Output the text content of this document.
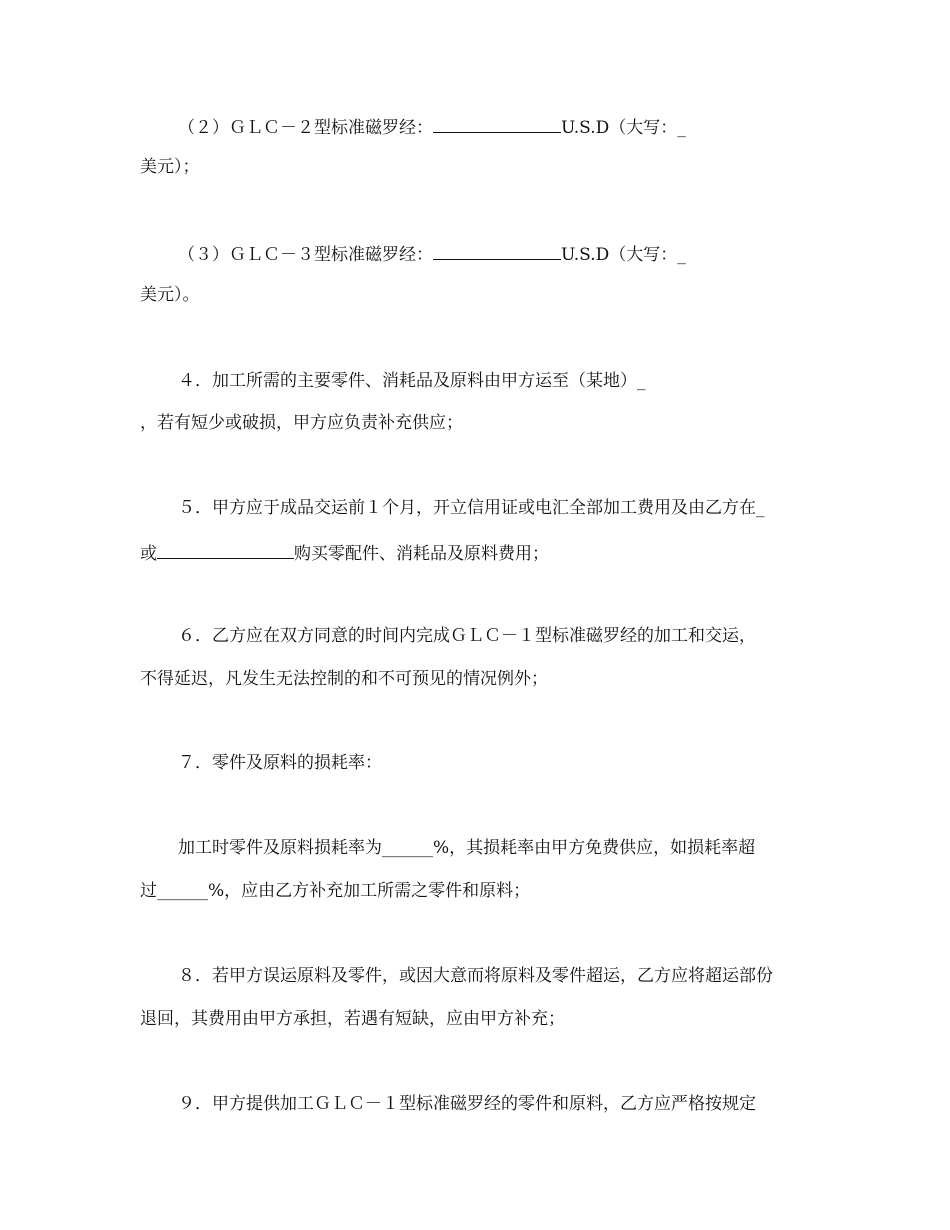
（２）ＧＬＣ－２型标准磁罗经：	U.S.D（大写：_
美元）；
（３）ＧＬＣ－３型标准磁罗经：	U.S.D（大写：_
美元）。
４．加工所需的主要零件、消耗品及原料由甲方运至（某地）_
，若有短少或破损，甲方应负责补充供应；
５．甲方应于成品交运前１个月，开立信用证或电汇全部加工费用及由乙方在_
或	购买零配件、消耗品及原料费用；
６．乙方应在双方同意的时间内完成ＧＬＣ－１型标准磁罗经的加工和交运，
不得延迟，凡发生无法控制的和不可预见的情况例外；
７．零件及原料的损耗率：
加工时零件及原料损耗率为______%，其损耗率由甲方免费供应，如损耗率超
过______%，应由乙方补充加工所需之零件和原料；
８．若甲方误运原料及零件，或因大意而将原料及零件超运，乙方应将超运部份
退回，其费用由甲方承担，若遇有短缺，应由甲方补充；
９．甲方提供加工ＧＬＣ－１型标准磁罗经的零件和原料，乙方应严格按规定
